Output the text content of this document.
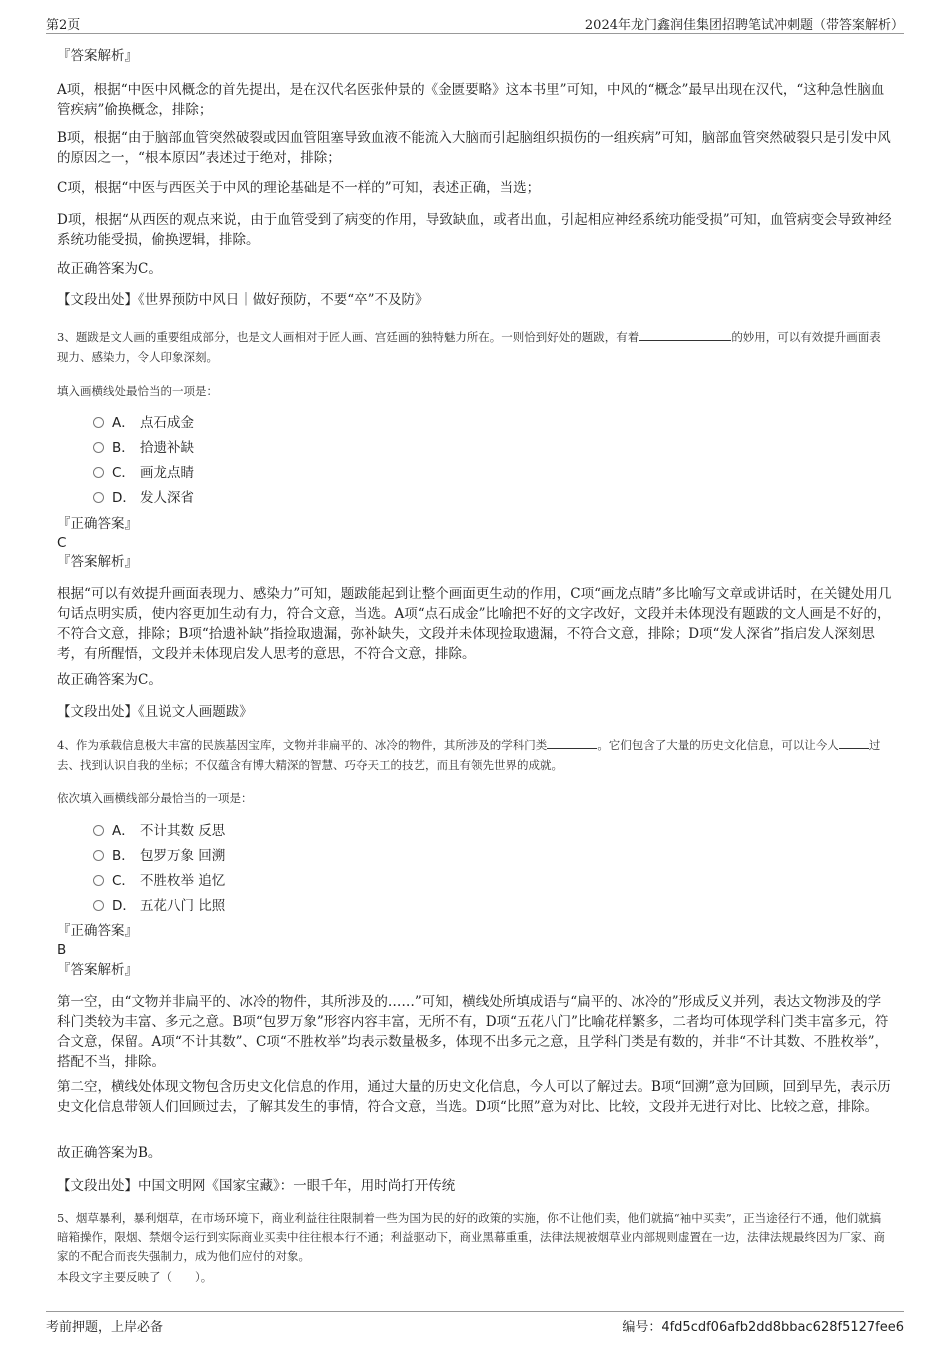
第2页	2024年龙门鑫润佳集团招聘笔试冲刺题（带答案解析）
『答案解析』
A项，根据“中医中风概念的首先提出，是在汉代名医张仲景的《金匮要略》这本书里”可知，中风的“概念”最早出现在汉代，“这种急性脑血管疾病”偷换概念，排除；
B项，根据“由于脑部血管突然破裂或因血管阻塞导致血液不能流入大脑而引起脑组织损伤的一组疾病”可知，脑部血管突然破裂只是引发中风的原因之一，“根本原因”表述过于绝对，排除；
C项，根据“中医与西医关于中风的理论基础是不一样的”可知，表述正确，当选；
D项，根据“从西医的观点来说，由于血管受到了病变的作用，导致缺血，或者出血，引起相应神经系统功能受损”可知，血管病变会导致神经系统功能受损，偷换逻辑，排除。
故正确答案为C。
【文段出处】《世界预防中风日｜做好预防，不要“卒”不及防》
3、题跋是文人画的重要组成部分，也是文人画相对于匠人画、宫廷画的独特魅力所在。一则恰到好处的题跋，有着	的妙用，可以有效提升画面表现力、感染力，令人印象深刻。
填入画横线处最恰当的一项是：
A． 点石成金
B． 拾遗补缺
C． 画龙点睛
D． 发人深省
『正确答案』
C
『答案解析』
根据“可以有效提升画面表现力、感染力”可知，题跋能起到让整个画面更生动的作用，C项“画龙点睛”多比喻写文章或讲话时，在关键处用几句话点明实质，使内容更加生动有力，符合文意，当选。A项“点石成金”比喻把不好的文字改好，文段并未体现没有题跋的文人画是不好的，不符合文意，排除；B项“拾遗补缺”指捡取遗漏，弥补缺失，文段并未体现捡取遗漏，不符合文意，排除；D项“发人深省”指启发人深刻思考，有所醒悟，文段并未体现启发人思考的意思，不符合文意，排除。
故正确答案为C。
【文段出处】《且说文人画题跋》
4、作为承载信息极大丰富的民族基因宝库，文物并非扁平的、冰冷的物件，其所涉及的学科门类	。它们包含了大量的历史文化信息，可以让今人	过去、找到认识自我的坐标；不仅蕴含有博大精深的智慧、巧夺天工的技艺，而且有领先世界的成就。
依次填入画横线部分最恰当的一项是：
A． 不计其数 反思
B． 包罗万象 回溯
C． 不胜枚举 追忆
D． 五花八门 比照
『正确答案』
B
『答案解析』
第一空，由“文物并非扁平的、冰冷的物件，其所涉及的……”可知，横线处所填成语与“扁平的、冰冷的”形成反义并列，表达文物涉及的学科门类较为丰富、多元之意。B项“包罗万象”形容内容丰富，无所不有，D项“五花八门”比喻花样繁多，二者均可体现学科门类丰富多元，符合文意，保留。A项“不计其数”、C项“不胜枚举”均表示数量极多，体现不出多元之意，且学科门类是有数的，并非“不计其数、不胜枚举”，搭配不当，排除。
第二空，横线处体现文物包含历史文化信息的作用，通过大量的历史文化信息，今人可以了解过去。B项“回溯”意为回顾，回到早先，表示历史文化信息带领人们回顾过去，了解其发生的事情，符合文意，当选。D项“比照”意为对比、比较，文段并无进行对比、比较之意，排除。
故正确答案为B。
【文段出处】中国文明网《国家宝藏》：一眼千年，用时尚打开传统
5、烟草暴利，暴利烟草，在市场环境下，商业利益往往限制着一些为国为民的好的政策的实施，你不让他们卖，他们就搞“袖中买卖”，正当途径行不通，他们就搞暗箱操作，限烟、禁烟令运行到实际商业买卖中往往根本行不通；利益驱动下，商业黑幕重重，法律法规被烟草业内部规则虚置在一边，法律法规最终因为厂家、商家的不配合而丧失强制力，成为他们应付的对象。
本段文字主要反映了（　　）。
考前押题，上岸必备	编号：4fd5cdf06afb2dd8bbac628f5127fee6
